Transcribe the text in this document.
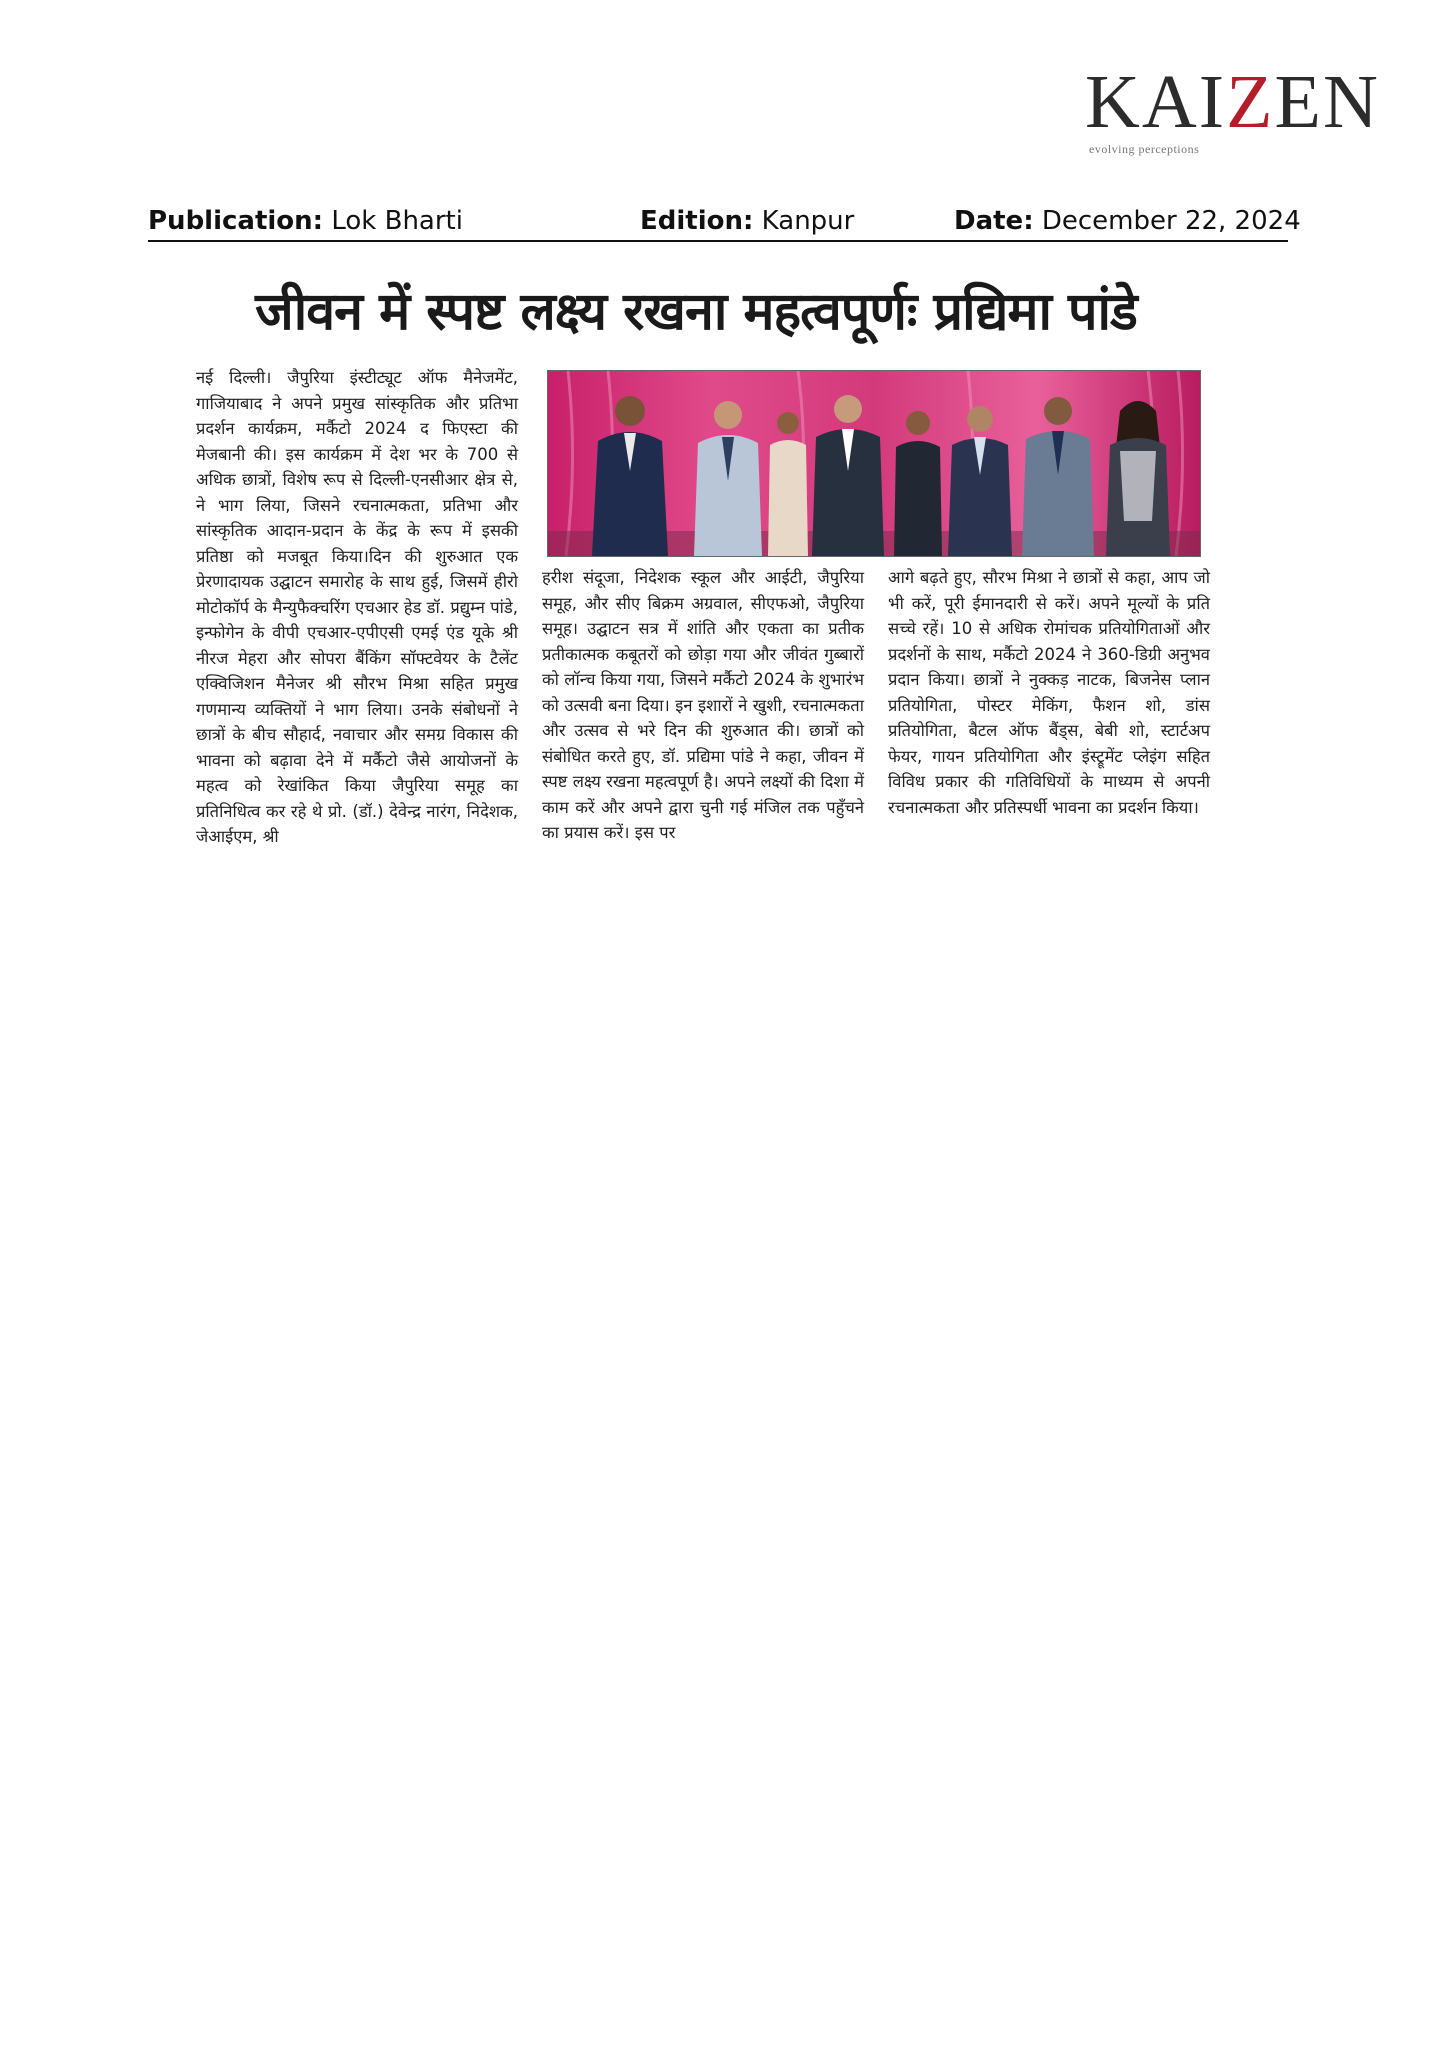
KAIZEN
evolving perceptions
Publication: Lok Bharti	Edition: Kanpur	Date: December 22, 2024
जीवन में स्पष्ट लक्ष्य रखना महत्वपूर्णः प्रद्यिमा पांडे
नई दिल्ली। जैपुरिया इंस्टीट्यूट ऑफ मैनेजमेंट, गाजियाबाद ने अपने प्रमुख सांस्कृतिक और प्रतिभा प्रदर्शन कार्यक्रम, मर्कैटो 2024 द फिएस्टा की मेजबानी की। इस कार्यक्रम में देश भर के 700 से अधिक छात्रों, विशेष रूप से दिल्ली-एनसीआर क्षेत्र से, ने भाग लिया, जिसने रचनात्मकता, प्रतिभा और सांस्कृतिक आदान-प्रदान के केंद्र के रूप में इसकी प्रतिष्ठा को मजबूत किया।दिन की शुरुआत एक प्रेरणादायक उद्घाटन समारोह के साथ हुई, जिसमें हीरो मोटोकॉर्प के मैन्युफैक्चरिंग एचआर हेड डॉ. प्रद्युम्न पांडे, इन्फोगेन के वीपी एचआर-एपीएसी एमई एंड यूके श्री नीरज मेहरा और सोपरा बैंकिंग सॉफ्टवेयर के टैलेंट एक्विजिशन मैनेजर श्री सौरभ मिश्रा सहित प्रमुख गणमान्य व्यक्तियों ने भाग लिया। उनके संबोधनों ने छात्रों के बीच सौहार्द, नवाचार और समग्र विकास की भावना को बढ़ावा देने में मर्कैटो जैसे आयोजनों के महत्व को रेखांकित किया जैपुरिया समूह का प्रतिनिधित्व कर रहे थे प्रो. (डॉ.) देवेन्द्र नारंग, निदेशक, जेआईएम, श्री
हरीश संदूजा, निदेशक स्कूल और आईटी, जैपुरिया समूह, और सीए बिक्रम अग्रवाल, सीएफओ, जैपुरिया समूह। उद्घाटन सत्र में शांति और एकता का प्रतीक प्रतीकात्मक कबूतरों को छोड़ा गया और जीवंत गुब्बारों को लॉन्च किया गया, जिसने मर्कैटो 2024 के शुभारंभ को उत्सवी बना दिया। इन इशारों ने खुशी, रचनात्मकता और उत्सव से भरे दिन की शुरुआत की। छात्रों को संबोधित करते हुए, डॉ. प्रद्यिमा पांडे ने कहा, जीवन में स्पष्ट लक्ष्य रखना महत्वपूर्ण है। अपने लक्ष्यों की दिशा में काम करें और अपने द्वारा चुनी गई मंजिल तक पहुँचने का प्रयास करें। इस पर
आगे बढ़ते हुए, सौरभ मिश्रा ने छात्रों से कहा, आप जो भी करें, पूरी ईमानदारी से करें। अपने मूल्यों के प्रति सच्चे रहें। 10 से अधिक रोमांचक प्रतियोगिताओं और प्रदर्शनों के साथ, मर्कैटो 2024 ने 360-डिग्री अनुभव प्रदान किया। छात्रों ने नुक्कड़ नाटक, बिजनेस प्लान प्रतियोगिता, पोस्टर मेकिंग, फैशन शो, डांस प्रतियोगिता, बैटल ऑफ बैंड्स, बेबी शो, स्टार्टअप फेयर, गायन प्रतियोगिता और इंस्ट्रूमेंट प्लेइंग सहित विविध प्रकार की गतिविधियों के माध्यम से अपनी रचनात्मकता और प्रतिस्पर्धी भावना का प्रदर्शन किया।
